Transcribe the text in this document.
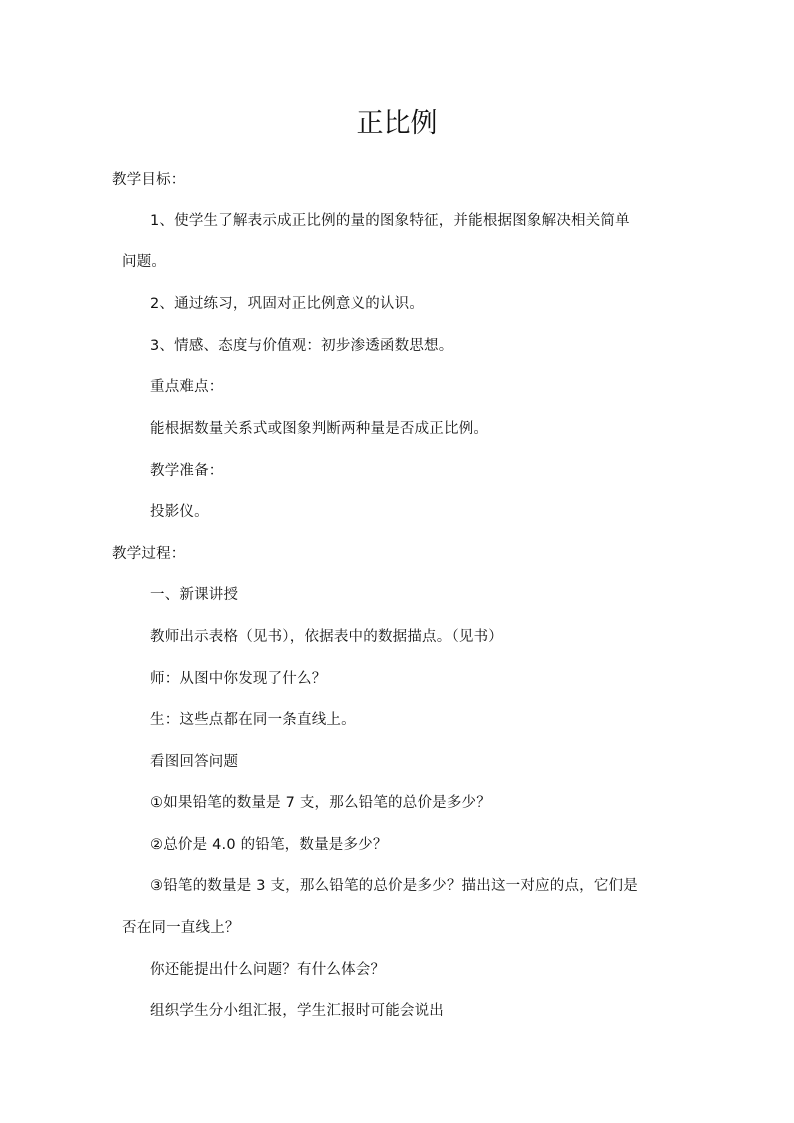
正比例
教学目标：
1、使学生了解表示成正比例的量的图象特征，并能根据图象解决相关简单
问题。
2、通过练习，巩固对正比例意义的认识。
3、情感、态度与价值观：初步渗透函数思想。
重点难点：
能根据数量关系式或图象判断两种量是否成正比例。
教学准备：
投影仪。
教学过程：
一、新课讲授
教师出示表格（见书），依据表中的数据描点。（见书）
师：从图中你发现了什么？
生：这些点都在同一条直线上。
看图回答问题
①如果铅笔的数量是 7 支，那么铅笔的总价是多少？
②总价是 4.0 的铅笔，数量是多少？
③铅笔的数量是 3 支，那么铅笔的总价是多少？描出这一对应的点，它们是
否在同一直线上？
你还能提出什么问题？有什么体会？
组织学生分小组汇报，学生汇报时可能会说出
